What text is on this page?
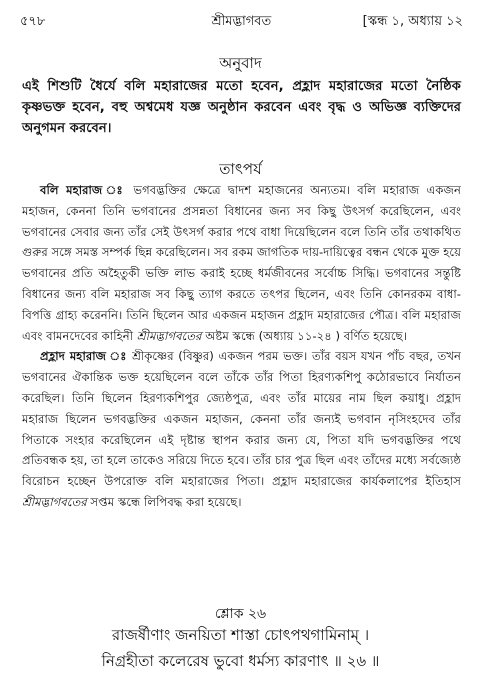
৫৭৮	শ্রীমদ্ভাগবত	[স্কন্ধ ১, অধ্যায় ১২
অনুবাদ
এই শিশুটি ধৈর্যে বলি মহারাজের মতো হবেন, প্রহ্লাদ মহারাজের মতো নৈষ্ঠিক কৃষ্ণভক্ত হবেন, বহু অশ্বমেধ যজ্ঞ অনুষ্ঠান করবেন এবং বৃদ্ধ ও অভিজ্ঞ ব্যক্তিদের অনুগমন করবেন।
তাৎপর্য

বলি মহারাজ ঃ ভগবদ্ভক্তির ক্ষেত্রে দ্বাদশ মহাজনের অন্যতম। বলি মহারাজ একজন মহাজন, কেননা তিনি ভগবানের প্রসন্নতা বিধানের জন্য সব কিছু উৎসর্গ করেছিলেন, এবং ভগবানের সেবার জন্য তাঁর সেই উৎসর্গ করার পথে বাধা দিয়েছিলেন বলে তিনি তাঁর তথাকথিত গুরুর সঙ্গে সমস্ত সম্পর্ক ছিন্ন করেছিলেন। সব রকম জাগতিক দায়-দায়িত্বের বন্ধন থেকে মুক্ত হয়ে ভগবানের প্রতি অহৈতুকী ভক্তি লাভ করাই হচ্ছে ধর্মজীবনের সর্বোচ্চ সিদ্ধি। ভগবানের সন্তুষ্টি বিধানের জন্য বলি মহারাজ সব কিছু ত্যাগ করতে তৎপর ছিলেন, এবং তিনি কোনরকম বাধা-বিপত্তি গ্রাহ্য করেননি। তিনি ছিলেন আর একজন মহাজন প্রহ্লাদ মহারাজের পৌত্র। বলি মহারাজ এবং বামনদেবের কাহিনী শ্রীমদ্ভাগবতের অষ্টম স্কন্ধে (অধ্যায় ১১-২৪ ) বর্ণিত হয়েছে।

প্রহ্লাদ মহারাজ ঃ শ্রীকৃষ্ণের (বিষ্ণুর) একজন পরম ভক্ত। তাঁর বয়স যখন পাঁচ বছর, তখন ভগবানের ঐকান্তিক ভক্ত হয়েছিলেন বলে তাঁকে তাঁর পিতা হিরণ্যকশিপু কঠোরভাবে নির্যাতন করেছিল। তিনি ছিলেন হিরণ্যকশিপুর জ্যেষ্ঠপুত্র, এবং তাঁর মায়ের নাম ছিল কয়াধু। প্রহ্লাদ মহারাজ ছিলেন ভগবদ্ভক্তির একজন মহাজন, কেননা তাঁর জন্যই ভগবান নৃসিংহদেব তাঁর পিতাকে সংহার করেছিলেন এই দৃষ্টান্ত স্থাপন করার জন্য যে, পিতা যদি ভগবদ্ভক্তির পথে প্রতিবন্ধক হয়, তা হলে তাকেও সরিয়ে দিতে হবে। তাঁর চার পুত্র ছিল এবং তাঁদের মধ্যে সর্বজ্যেষ্ঠ বিরোচন হচ্ছেন উপরোক্ত বলি মহারাজের পিতা। প্রহ্লাদ মহারাজের কার্যকলাপের ইতিহাস শ্রীমদ্ভাগবতের সপ্তম স্কন্ধে লিপিবদ্ধ করা হয়েছে।

শ্লোক ২৬
রাজর্ষীণাং জনয়িতা শাস্তা চোৎপথগামিনাম্ ।
নিগ্রহীতা কলেরেষ ভুবো ধর্মস্য কারণাৎ ॥ ২৬ ॥
